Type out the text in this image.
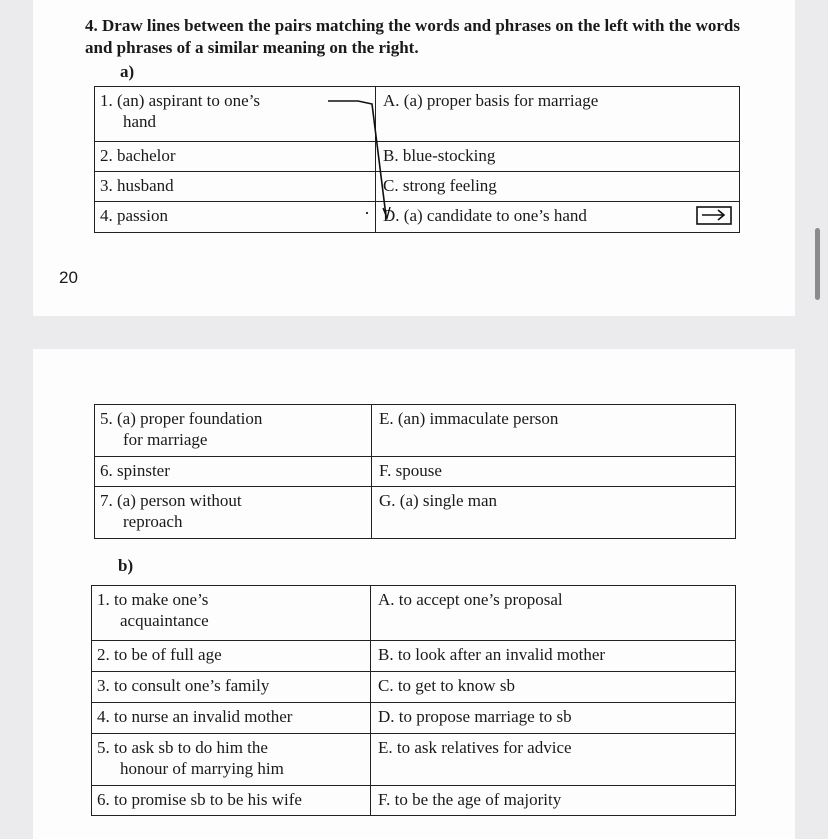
4. Draw lines between the pairs matching the words and phrases on the left with the words and phrases of a similar meaning on the right.

a)
1. (an) aspirant to one’s
hand	A. (a) proper basis for marriage
2. bachelor	B. blue-stocking
3. husband	C. strong feeling
4. passion	D. (a) candidate to one’s hand
20
5. (a) proper foundation
for marriage	E. (an) immaculate person
6. spinster	F. spouse
7. (a) person without
reproach	G. (a) single man
b)
1. to make one’s
acquaintance	A. to accept one’s proposal
2. to be of full age	B. to look after an invalid mother
3. to consult one’s family	C. to get to know sb
4. to nurse an invalid mother	D. to propose marriage to sb
5. to ask sb to do him the
honour of marrying him	E. to ask relatives for advice
6. to promise sb to be his wife	F. to be the age of majority
